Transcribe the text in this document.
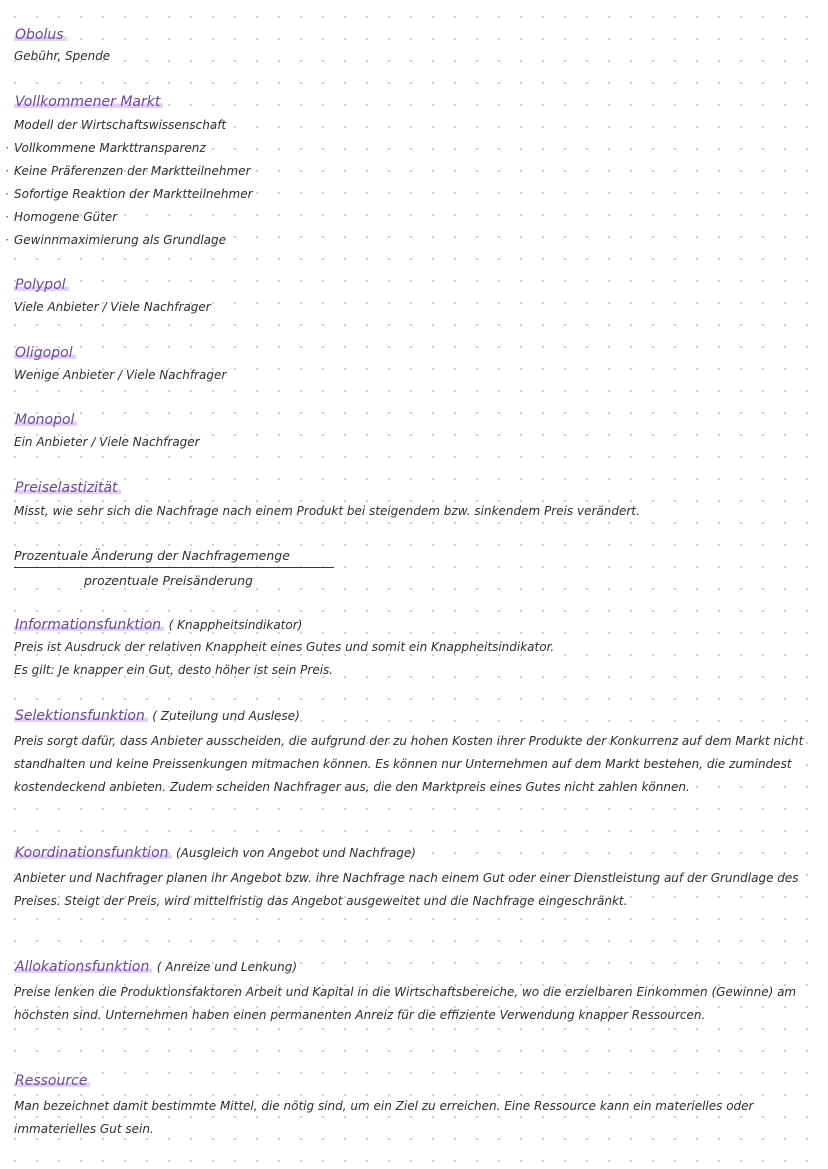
Obolus
Gebühr, Spende
Vollkommener Markt
Modell der Wirtschaftswissenschaft
· Vollkommene Markttransparenz
· Keine Präferenzen der Marktteilnehmer
· Sofortige Reaktion der Marktteilnehmer
· Homogene Güter
· Gewinnmaximierung als Grundlage
Polypol
Viele Anbieter / Viele Nachfrager
Oligopol
Wenige Anbieter / Viele Nachfrager
Monopol
Ein Anbieter / Viele Nachfrager
Preiselastizität
Misst, wie sehr sich die Nachfrage nach einem Produkt bei steigendem bzw. sinkendem Preis verändert.
Prozentuale Änderung der Nachfragemenge
prozentuale Preisänderung
Informationsfunktion ( Knappheitsindikator)
Preis ist Ausdruck der relativen Knappheit eines Gutes und somit ein Knappheitsindikator.
Es gilt: Je knapper ein Gut, desto höher ist sein Preis.
Selektionsfunktion ( Zuteilung und Auslese)
Preis sorgt dafür, dass Anbieter ausscheiden, die aufgrund der zu hohen Kosten ihrer Produkte der Konkurrenz auf dem Markt nicht standhalten und keine Preissenkungen mitmachen können. Es können nur Unternehmen auf dem Markt bestehen, die zumindest kostendeckend anbieten. Zudem scheiden Nachfrager aus, die den Marktpreis eines Gutes nicht zahlen können.
Koordinationsfunktion (Ausgleich von Angebot und Nachfrage)
Anbieter und Nachfrager planen ihr Angebot bzw. ihre Nachfrage nach einem Gut oder einer Dienstleistung auf der Grundlage des Preises. Steigt der Preis, wird mittelfristig das Angebot ausgeweitet und die Nachfrage eingeschränkt.
Allokationsfunktion ( Anreize und Lenkung)
Preise lenken die Produktionsfaktoren Arbeit und Kapital in die Wirtschaftsbereiche, wo die erzielbaren Einkommen (Gewinne) am höchsten sind. Unternehmen haben einen permanenten Anreiz für die effiziente Verwendung knapper Ressourcen.
Ressource
Man bezeichnet damit bestimmte Mittel, die nötig sind, um ein Ziel zu erreichen. Eine Ressource kann ein materielles oder immaterielles Gut sein.
